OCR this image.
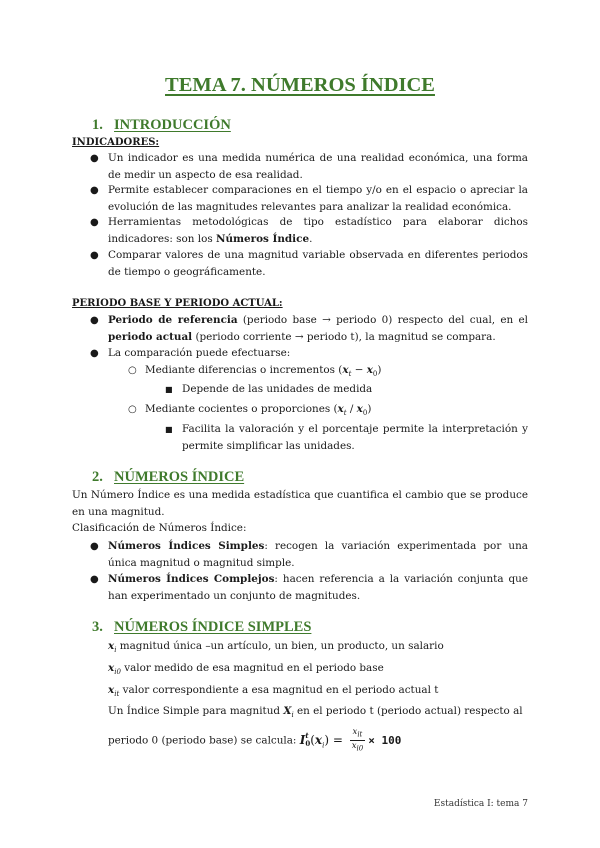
TEMA 7. NÚMEROS ÍNDICE
1. INTRODUCCIÓN
INDICADORES:
● Un indicador es una medida numérica de una realidad económica, una forma de medir un aspecto de esa realidad.
● Permite establecer comparaciones en el tiempo y/o en el espacio o apreciar la evolución de las magnitudes relevantes para analizar la realidad económica.
● Herramientas metodológicas de tipo estadístico para elaborar dichos indicadores: son los Números Índice.
● Comparar valores de una magnitud variable observada en diferentes periodos de tiempo o geográficamente.
PERIODO BASE Y PERIODO ACTUAL:
● Periodo de referencia (periodo base → periodo 0) respecto del cual, en el periodo actual (periodo corriente → periodo t), la magnitud se compara.
● La comparación puede efectuarse:
○ Mediante diferencias o incrementos $(x_t - x_0)$
■ Depende de las unidades de medida
○ Mediante cocientes o proporciones $(x_t / x_0)$
■ Facilita la valoración y el porcentaje permite la interpretación y permite simplificar las unidades.
2. NÚMEROS ÍNDICE
Un Número Índice es una medida estadística que cuantifica el cambio que se produce en una magnitud.
Clasificación de Números Índice:
● Números Índices Simples: recogen la variación experimentada por una única magnitud o magnitud simple.
● Números Índices Complejos: hacen referencia a la variación conjunta que han experimentado un conjunto de magnitudes.
3. NÚMEROS ÍNDICE SIMPLES
$x_i$ magnitud única –un artículo, un bien, un producto, un salario
$x_{i0}$ valor medido de esa magnitud en el periodo base
$x_{it}$ valor correspondiente a esa magnitud en el periodo actual t
Un Índice Simple para magnitud $X_i$ en el periodo t (periodo actual) respecto al
periodo 0 (periodo base) se calcula: I t
0 $(x_i) = \frac{x_{it}}{x_{i0}} \times 100$
Estadística I: tema 7
